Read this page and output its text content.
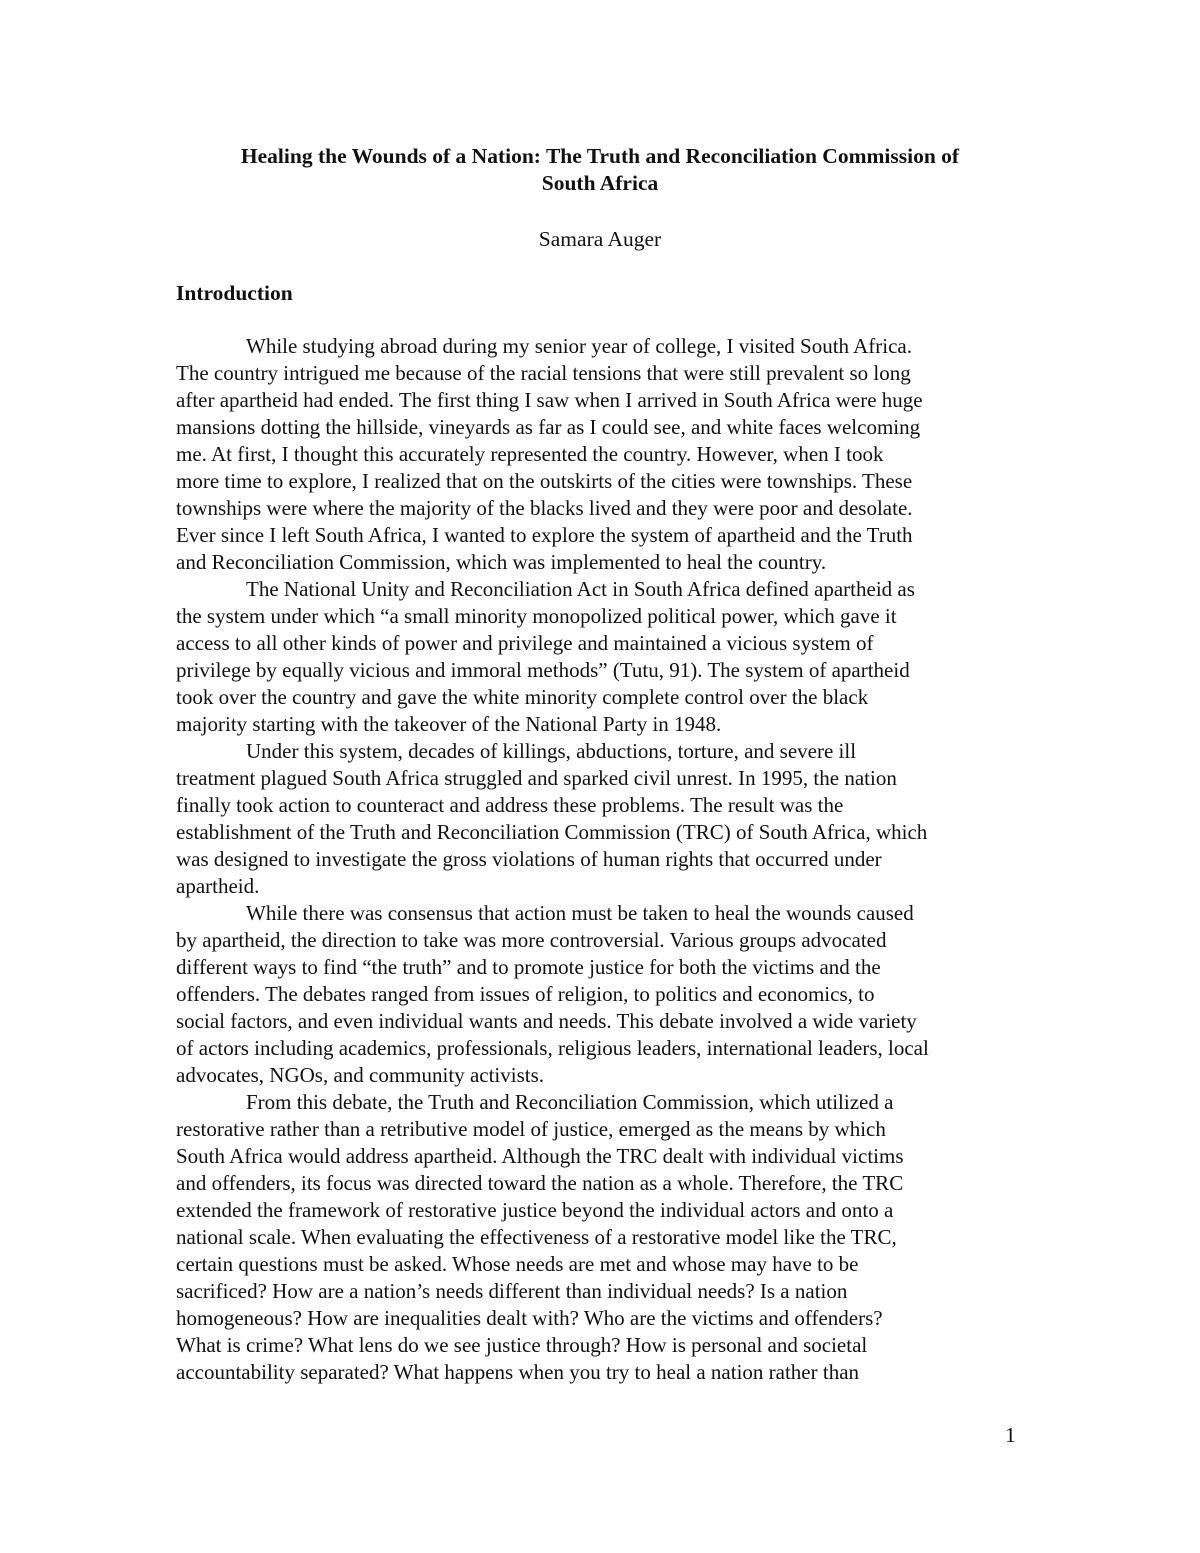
Healing the Wounds of a Nation: The Truth and Reconciliation Commission of
South Africa

Samara Auger

Introduction
While studying abroad during my senior year of college, I visited South Africa.
The country intrigued me because of the racial tensions that were still prevalent so long
after apartheid had ended. The first thing I saw when I arrived in South Africa were huge
mansions dotting the hillside, vineyards as far as I could see, and white faces welcoming
me. At first, I thought this accurately represented the country. However, when I took
more time to explore, I realized that on the outskirts of the cities were townships. These
townships were where the majority of the blacks lived and they were poor and desolate.
Ever since I left South Africa, I wanted to explore the system of apartheid and the Truth
and Reconciliation Commission, which was implemented to heal the country.
The National Unity and Reconciliation Act in South Africa defined apartheid as
the system under which “a small minority monopolized political power, which gave it
access to all other kinds of power and privilege and maintained a vicious system of
privilege by equally vicious and immoral methods” (Tutu, 91). The system of apartheid
took over the country and gave the white minority complete control over the black
majority starting with the takeover of the National Party in 1948.
Under this system, decades of killings, abductions, torture, and severe ill
treatment plagued South Africa struggled and sparked civil unrest. In 1995, the nation
finally took action to counteract and address these problems. The result was the
establishment of the Truth and Reconciliation Commission (TRC) of South Africa, which
was designed to investigate the gross violations of human rights that occurred under
apartheid.
While there was consensus that action must be taken to heal the wounds caused
by apartheid, the direction to take was more controversial. Various groups advocated
different ways to find “the truth” and to promote justice for both the victims and the
offenders. The debates ranged from issues of religion, to politics and economics, to
social factors, and even individual wants and needs. This debate involved a wide variety
of actors including academics, professionals, religious leaders, international leaders, local
advocates, NGOs, and community activists.
From this debate, the Truth and Reconciliation Commission, which utilized a
restorative rather than a retributive model of justice, emerged as the means by which
South Africa would address apartheid. Although the TRC dealt with individual victims
and offenders, its focus was directed toward the nation as a whole. Therefore, the TRC
extended the framework of restorative justice beyond the individual actors and onto a
national scale. When evaluating the effectiveness of a restorative model like the TRC,
certain questions must be asked. Whose needs are met and whose may have to be
sacrificed? How are a nation’s needs different than individual needs? Is a nation
homogeneous? How are inequalities dealt with? Who are the victims and offenders?
What is crime? What lens do we see justice through? How is personal and societal
accountability separated? What happens when you try to heal a nation rather than

1
